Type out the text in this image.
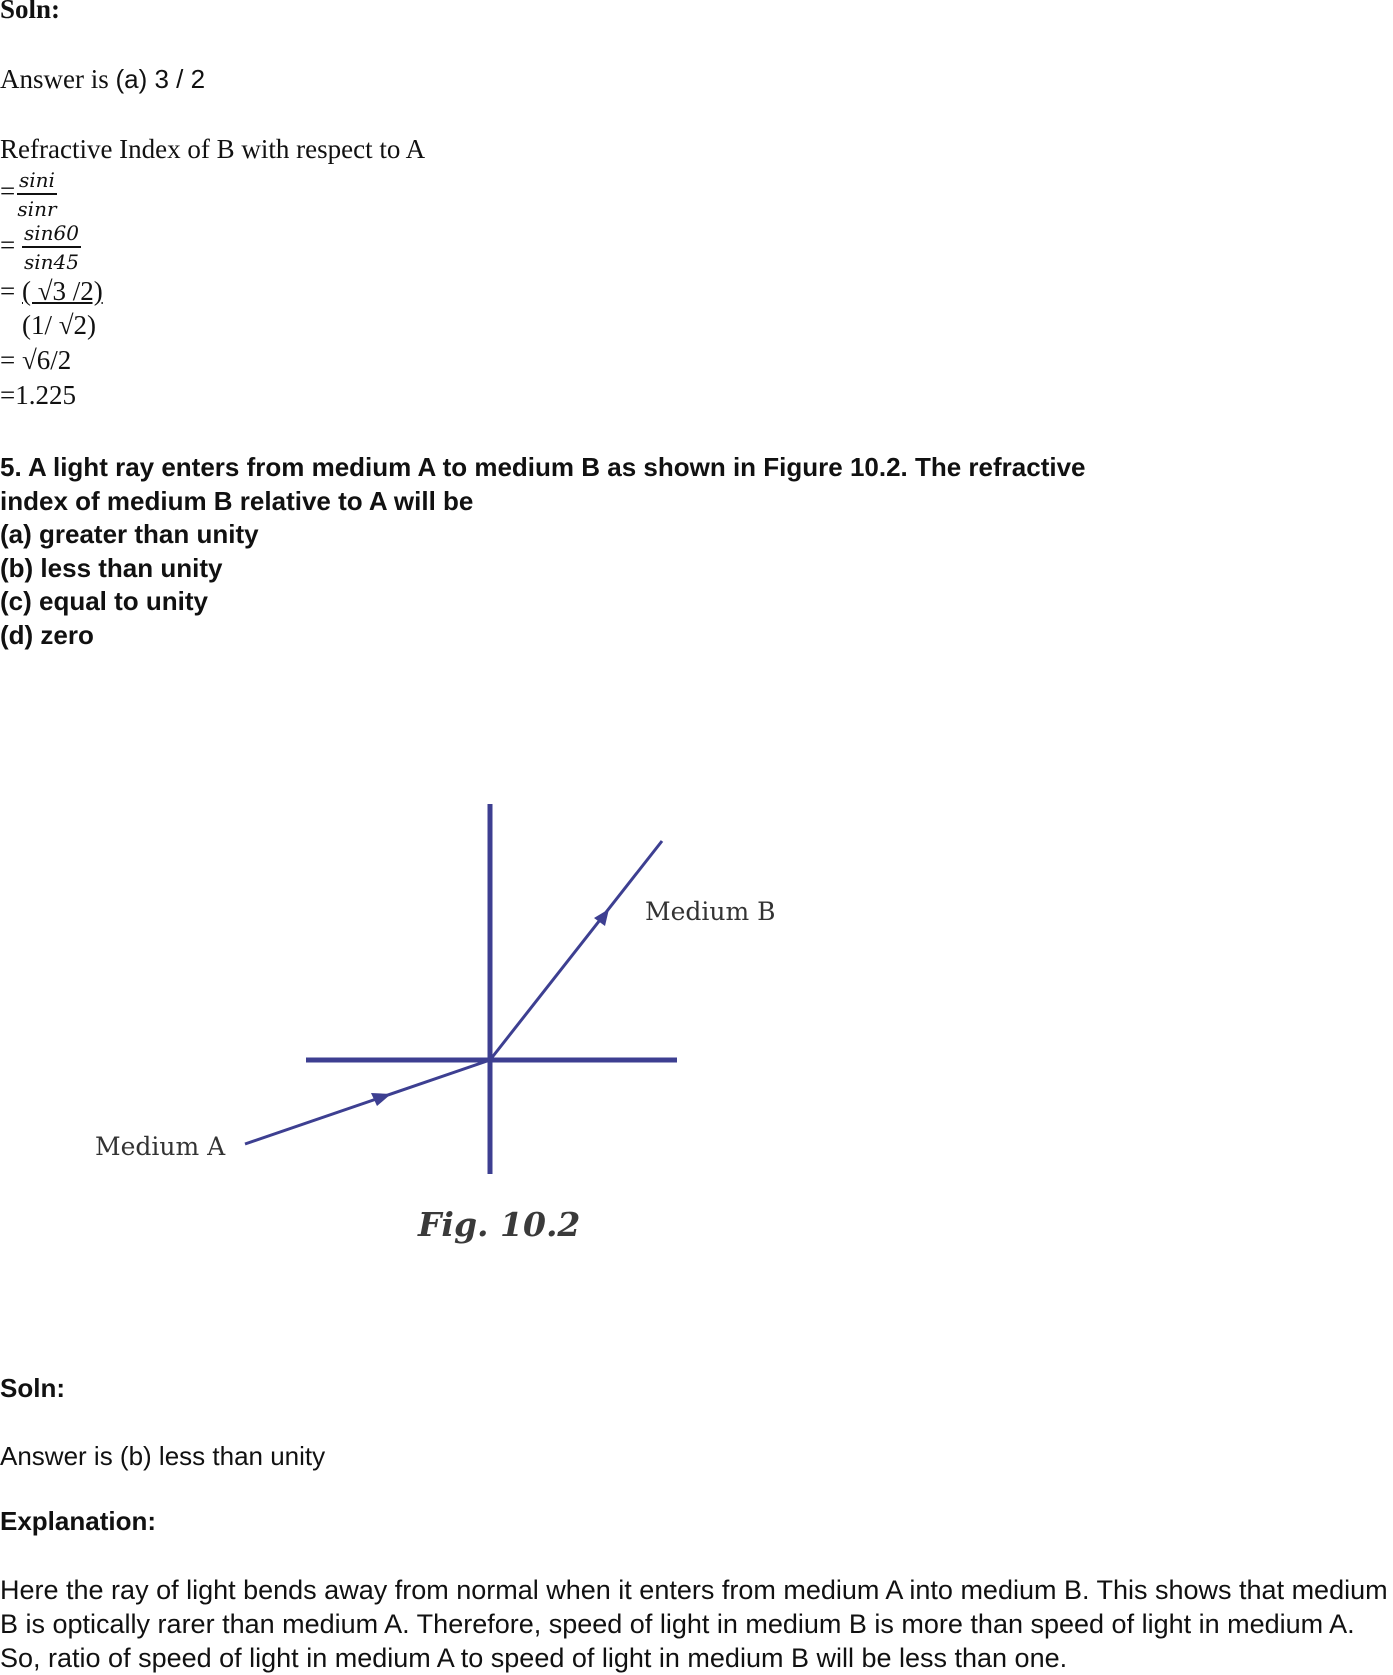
Soln:
Answer is (a) 3 / 2
Refractive Index of B with respect to A
= $\frac{\sin i}{\sin r}$
= $\frac{\sin 60}{\sin 45}$
= ( √3 /2)
(1/ √2)
= √6/2
=1.225
5. A light ray enters from medium A to medium B as shown in Figure 10.2. The refractive
index of medium B relative to A will be
(a) greater than unity
(b) less than unity
(c) equal to unity
(d) zero
Medium B
Medium A
Fig. 10.2
Soln:
Answer is (b) less than unity
Explanation:
Here the ray of light bends away from normal when it enters from medium A into medium B. This shows that medium B is optically rarer than medium A. Therefore, speed of light in medium B is more than speed of light in medium A. So, ratio of speed of light in medium A to speed of light in medium B will be less than one.
